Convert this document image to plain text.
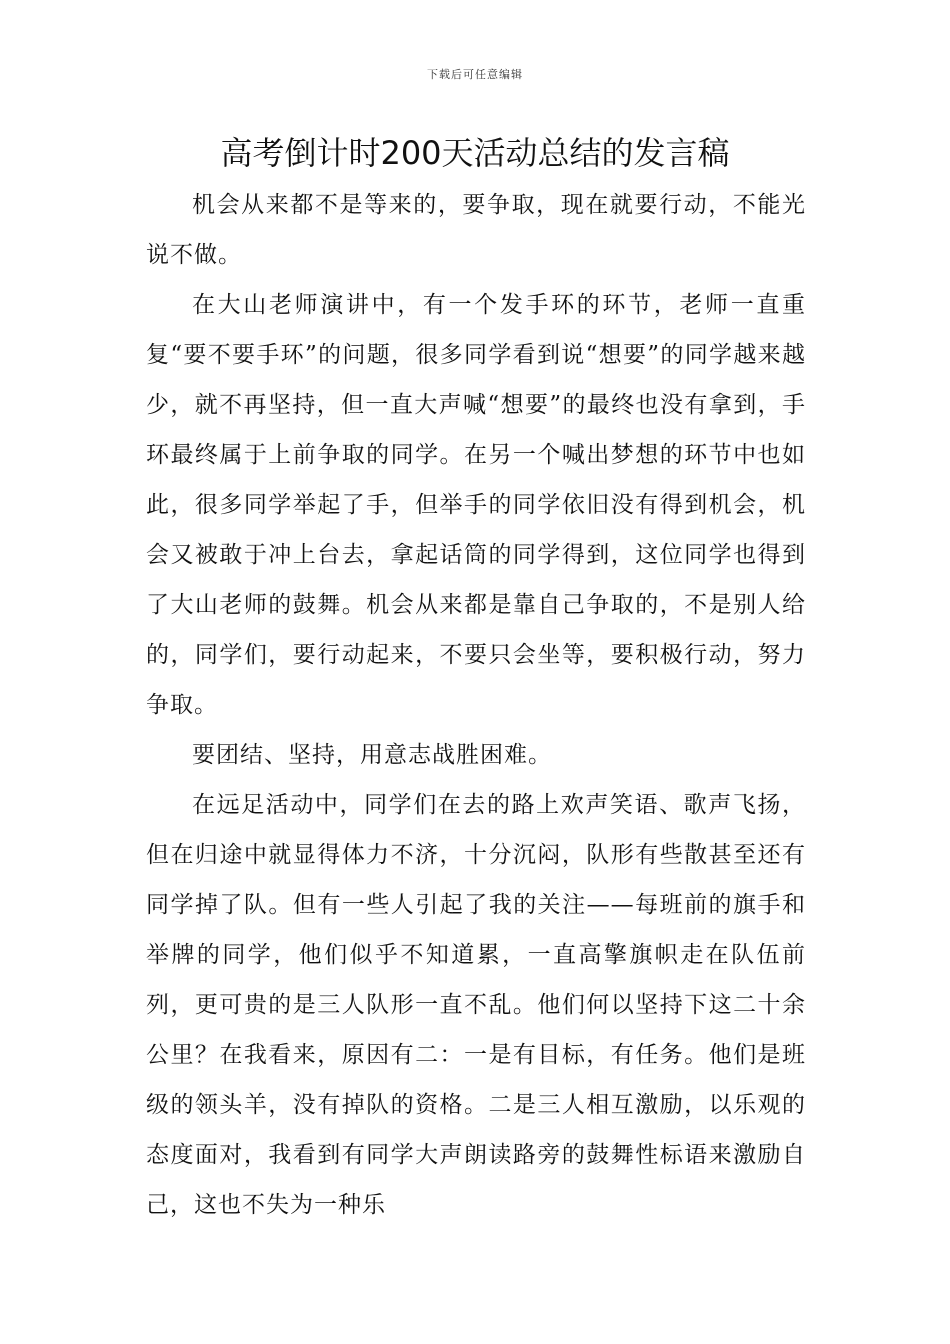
下载后可任意编辑
高考倒计时200天活动总结的发言稿

机会从来都不是等来的，要争取，现在就要行动，不能光说不做。

在大山老师演讲中，有一个发手环的环节，老师一直重复“要不要手环”的问题，很多同学看到说“想要”的同学越来越少，就不再坚持，但一直大声喊“想要”的最终也没有拿到，手环最终属于上前争取的同学。在另一个喊出梦想的环节中也如此，很多同学举起了手，但举手的同学依旧没有得到机会，机会又被敢于冲上台去，拿起话筒的同学得到，这位同学也得到了大山老师的鼓舞。机会从来都是靠自己争取的，不是别人给的，同学们，要行动起来，不要只会坐等，要积极行动，努力争取。

要团结、坚持，用意志战胜困难。

在远足活动中，同学们在去的路上欢声笑语、歌声飞扬，但在归途中就显得体力不济，十分沉闷，队形有些散甚至还有同学掉了队。但有一些人引起了我的关注——每班前的旗手和举牌的同学，他们似乎不知道累，一直高擎旗帜走在队伍前列，更可贵的是三人队形一直不乱。他们何以坚持下这二十余公里？在我看来，原因有二：一是有目标，有任务。他们是班级的领头羊，没有掉队的资格。二是三人相互激励，以乐观的态度面对，我看到有同学大声朗读路旁的鼓舞性标语来激励自己，这也不失为一种乐
